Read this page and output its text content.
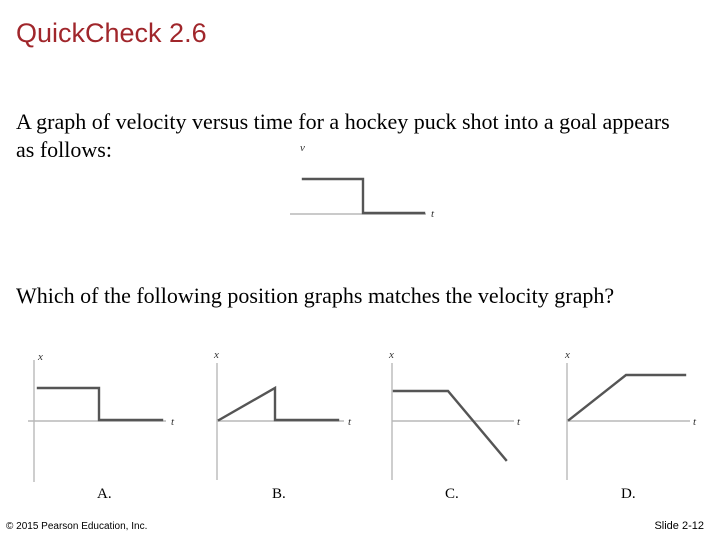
QuickCheck 2.6
A graph of velocity versus time for a hockey puck shot into a goal appears as follows:	v
t
Which of the following position graphs matches the velocity graph?
x
t
x
t
x
t
x
t
A.	B.	C.	D.
© 2015 Pearson Education, Inc.	Slide 2-12
